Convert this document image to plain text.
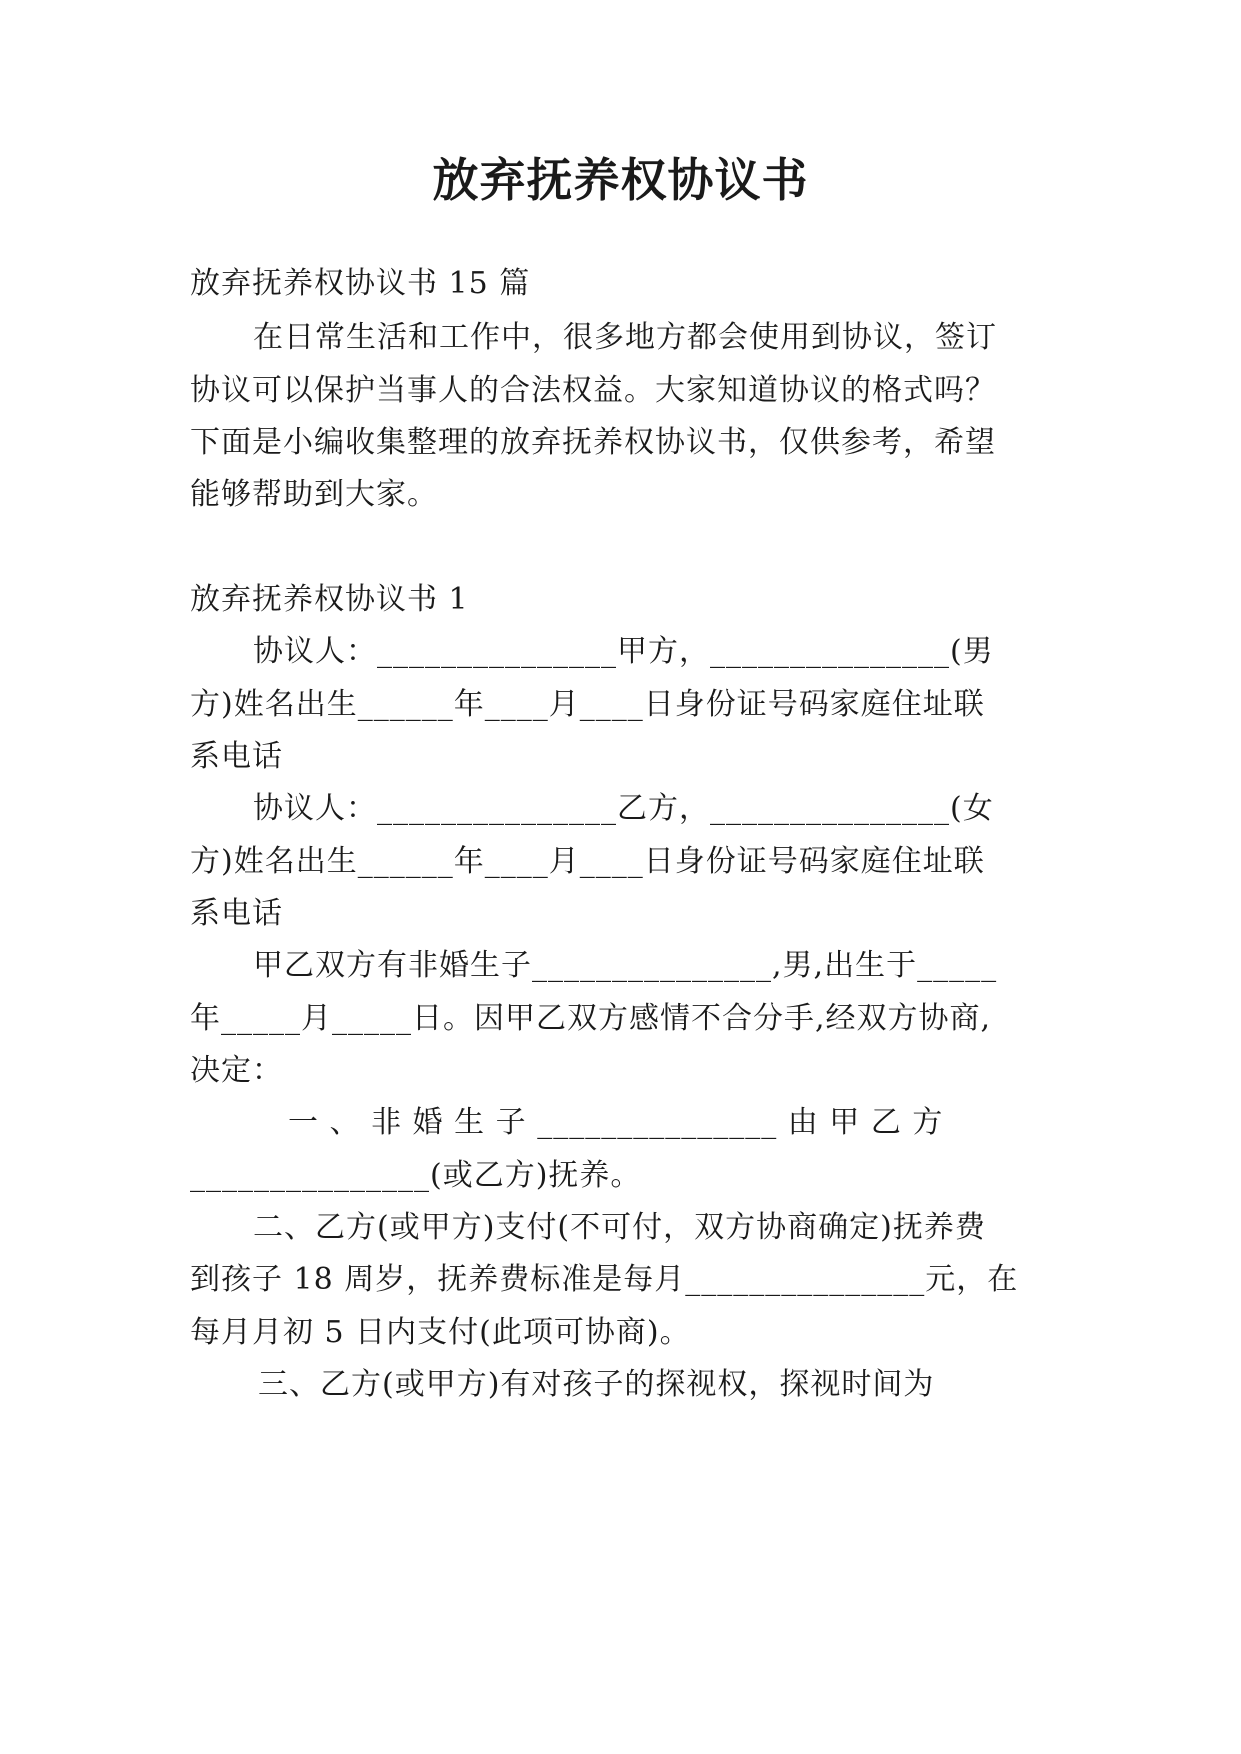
放弃抚养权协议书
放弃抚养权协议书 15 篇
在日常生活和工作中，很多地方都会使用到协议，签订
协议可以保护当事人的合法权益。大家知道协议的格式吗？
下面是小编收集整理的放弃抚养权协议书，仅供参考，希望
能够帮助到大家。
放弃抚养权协议书 1
协议人：_______________甲方，_______________(男
方)姓名出生______年____月____日身份证号码家庭住址联
系电话
协议人：_______________乙方，_______________(女
方)姓名出生______年____月____日身份证号码家庭住址联
系电话
甲乙双方有非婚生子_______________,男,出生于_____
年_____月_____日。因甲乙双方感情不合分手,经双方协商,
决定：
一 、 非 婚 生 子 _______________ 由 甲 乙 方
_______________(或乙方)抚养。
二、乙方(或甲方)支付(不可付，双方协商确定)抚养费
到孩子 18 周岁，抚养费标准是每月_______________元，在
每月月初 5 日内支付(此项可协商)。
三、乙方(或甲方)有对孩子的探视权，探视时间为
